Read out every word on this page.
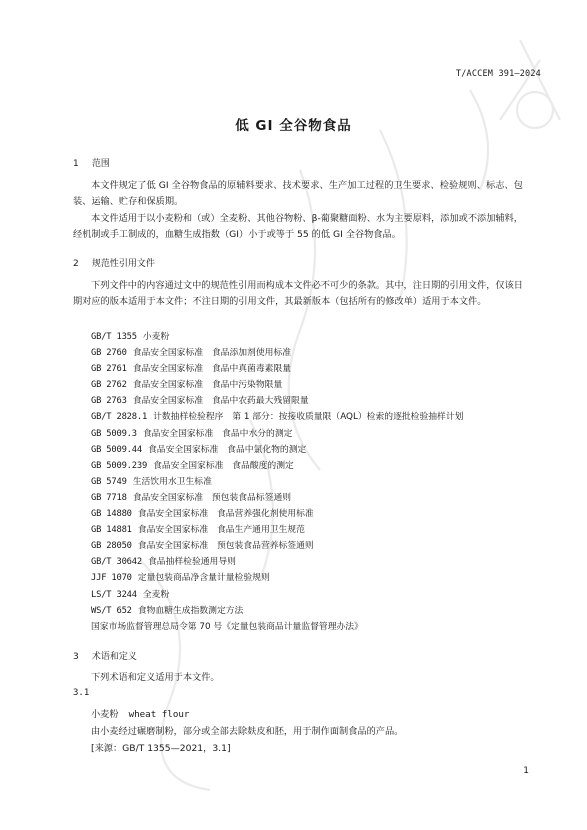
T/ACCEM 391—2024
低 GI 全谷物食品
1 范围
本文件规定了低 GI 全谷物食品的原辅料要求、技术要求、生产加工过程的卫生要求、检验规则、标志、包装、运输、贮存和保质期。
本文件适用于以小麦粉和（或）全麦粉、其他谷物粉、β-葡聚糖面粉、水为主要原料，添加或不添加辅料，经机制或手工制成的，血糖生成指数（GI）小于或等于 55 的低 GI 全谷物食品。
2 规范性引用文件
下列文件中的内容通过文中的规范性引用而构成本文件必不可少的条款。其中，注日期的引用文件，仅该日期对应的版本适用于本文件；不注日期的引用文件，其最新版本（包括所有的修改单）适用于本文件。
GB/T 1355 小麦粉
GB 2760 食品安全国家标准　食品添加剂使用标准
GB 2761 食品安全国家标准　食品中真菌毒素限量
GB 2762 食品安全国家标准　食品中污染物限量
GB 2763 食品安全国家标准　食品中农药最大残留限量
GB/T 2828.1 计数抽样检验程序　第 1 部分：按接收质量限（AQL）检索的逐批检验抽样计划
GB 5009.3 食品安全国家标准　食品中水分的测定
GB 5009.44 食品安全国家标准　食品中氯化物的测定
GB 5009.239 食品安全国家标准　食品酸度的测定
GB 5749 生活饮用水卫生标准
GB 7718 食品安全国家标准　预包装食品标签通则
GB 14880 食品安全国家标准　食品营养强化剂使用标准
GB 14881 食品安全国家标准　食品生产通用卫生规范
GB 28050 食品安全国家标准　预包装食品营养标签通则
GB/T 30642 食品抽样检验通用导则
JJF 1070 定量包装商品净含量计量检验规则
LS/T 3244 全麦粉
WS/T 652 食物血糖生成指数测定方法
国家市场监督管理总局令第 70 号《定量包装商品计量监督管理办法》
3 术语和定义
下列术语和定义适用于本文件。
3.1
小麦粉 wheat flour
由小麦经过碾磨制粉，部分或全部去除麸皮和胚，用于制作面制食品的产品。
[来源：GB/T 1355—2021，3.1]
1
